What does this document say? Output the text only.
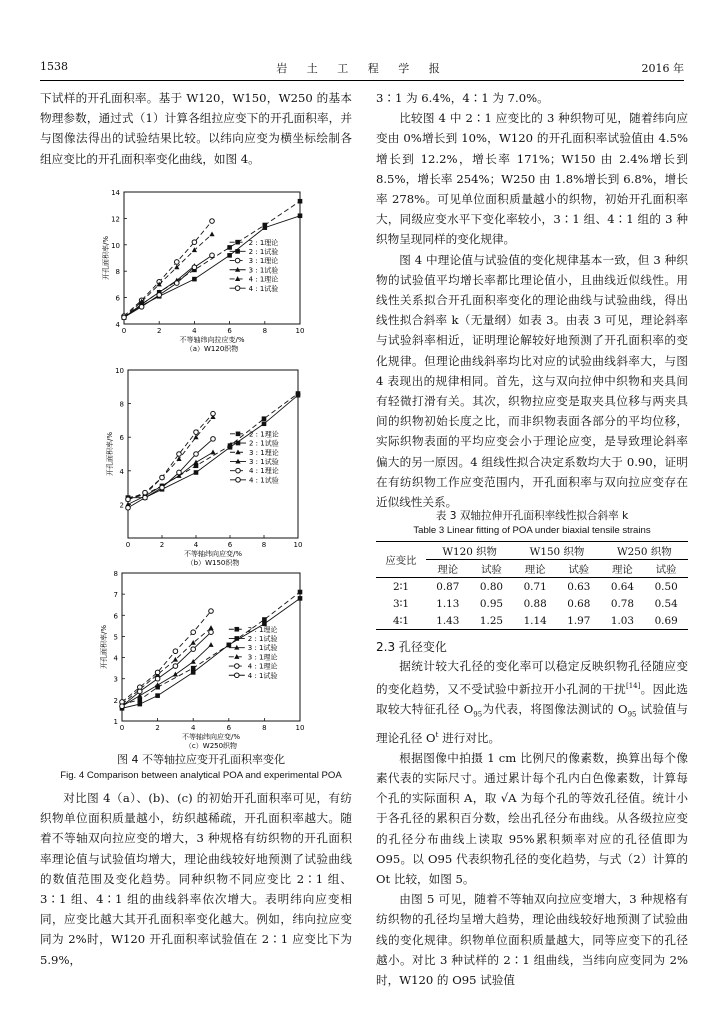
1538	岩 土 工 程 学 报	2016 年

下试样的开孔面积率。基于 W120，W150，W250 的基本物理参数，通过式（1）计算各组拉应变下的开孔面积率，并与图像法得出的试验结果比较。以纬向应变为横坐标绘制各组应变比的开孔面积率变化曲线，如图 4。

4
6
8
10
12
14
0	2	4	6	8	10
开孔面积率/%
不等轴纬向拉应变/%
（a）W120织物
2 : 1理论
2 : 1试验
3 : 1理论
3 : 1试验
4 : 1理论
4 : 1试验
2
4
6
8
10
0	2	4	6	8	10
开孔面积率/%
不等轴纬向应变/%
（b）W150织物
2 : 1理论
2 : 1试验
3 : 1理论
3 : 1试验
4 : 1理论
4 : 1试验
1
2
3
4
5
6
7
8
0	2	4	6	8	10
开孔面积率/%
不等轴纬向应变/%
（c）W250织物
2 : 1理论
2 : 1试验
3 : 1试验
3 : 1理论
4 : 1理论
4 : 1试验
图 4 不等轴拉应变开孔面积率变化
Fig. 4 Comparison between analytical POA and experimental POA

对比图 4（a）、(b)、(c) 的初始开孔面积率可见，有纺织物单位面积质量越小，纺织越稀疏，开孔面积率越大。随着不等轴双向拉应变的增大，3 种规格有纺织物的开孔面积率理论值与试验值均增大，理论曲线较好地预测了试验曲线的数值范围及变化趋势。同种织物不同应变比 2∶1 组、3∶1 组、4∶1 组的曲线斜率依次增大。表明纬向应变相同，应变比越大其开孔面积率变化越大。例如，纬向拉应变同为 2%时，W120 开孔面积率试验值在 2∶1 应变比下为 5.9%，

3∶1 为 6.4%，4∶1 为 7.0%。

比较图 4 中 2∶1 应变比的 3 种织物可见，随着纬向应变由 0%增长到 10%，W120 的开孔面积率试验值由 4.5%增长到 12.2%，增长率 171%；W150 由 2.4%增长到 8.5%，增长率 254%；W250 由 1.8%增长到 6.8%，增长率 278%。可见单位面积质量越小的织物，初始开孔面积率大，同级应变水平下变化率较小，3∶1 组、4∶1 组的 3 种织物呈现同样的变化规律。

图 4 中理论值与试验值的变化规律基本一致，但 3 种织物的试验值平均增长率都比理论值小，且曲线近似线性。用线性关系拟合开孔面积率变化的理论曲线与试验曲线，得出线性拟合斜率 k（无量纲）如表 3。由表 3 可见，理论斜率与试验斜率相近，证明理论解较好地预测了开孔面积率的变化规律。但理论曲线斜率均比对应的试验曲线斜率大，与图 4 表现出的规律相同。首先，这与双向拉伸中织物和夹具间有轻微打滑有关。其次，织物拉应变是取夹具位移与两夹具间的织物初始长度之比，而非织物表面各部分的平均位移，实际织物表面的平均应变会小于理论应变，是导致理论斜率偏大的另一原因。4 组线性拟合决定系数均大于 0.90，证明在有纺织物工作应变范围内，开孔面积率与双向拉应变存在近似线性关系。

表 3 双轴拉伸开孔面积率线性拟合斜率 k
Table 3 Linear fitting of POA under biaxial tensile strains
应变比	W120 织物		W150 织物		W250 织物	
	理论	试验	理论	试验	理论	试验
2∶1	0.87	0.80	0.71	0.63	0.64	0.50
3∶1	1.13	0.95	0.88	0.68	0.78	0.54
4∶1	1.43	1.25	1.14	1.97	1.03	0.69
2.3 孔径变化

据统计较大孔径的变化率可以稳定反映织物孔径随应变的变化趋势，又不受试验中新拉开小孔洞的干扰[14]。因此选取较大特征孔径 $O_{95}$为代表，将图像法测试的 $O_{95}$ 试验值与理论孔径 $O^t$ 进行对比。

根据图像中拍摄 1 cm 比例尺的像素数，换算出每个像素代表的实际尺寸。通过累计每个孔内白色像素数，计算每个孔的实际面积 A，取 √A 为每个孔的等效孔径值。统计小于各孔径的累积百分数，绘出孔径分布曲线。从各级拉应变的孔径分布曲线上读取 95%累积频率对应的孔径值即为 O95。以 O95 代表织物孔径的变化趋势，与式（2）计算的 Ot 比较，如图 5。

由图 5 可见，随着不等轴双向拉应变增大，3 种规格有纺织物的孔径均呈增大趋势，理论曲线较好地预测了试验曲线的变化规律。织物单位面积质量越大，同等应变下的孔径越小。对比 3 种试样的 2∶1 组曲线，当纬向应变同为 2%时，W120 的 O95 试验值
